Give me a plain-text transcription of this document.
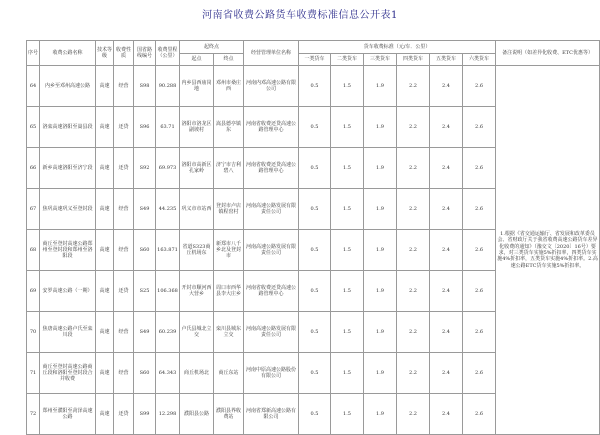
河南省收费公路货车收费标准信息公开表1
序号	收费公路名称	技术等级	收费性质	国省路线编号	收费里程（公里）	起终点		经营管理单位名称	货车收费标准（元/车．公里）						备注说明（如差异化收费、ETC优惠等）
						起点	终点		一类货车	二类货车	三类货车	四类货车	五类货车	六类货车	
64	内乡至邓州高速公路	高速	经营	S98	90.288	内乡县西庙岗地	邓州市桑庄西	河南内邓高速公路有限公司	0.5	1.5	1.9	2.2	2.4	2.6	1.根据《省交通运输厅、省发展和改革委员会、省财政厅关于我省收费高速公路货车差异化收费的通知》（豫交文〔2020〕16号）要求，对三类货车实施5%折扣率，四类货车实施4%折扣率，五类货车实施4%折扣率。2.高速公路ETC货车实施5%折扣率。
65	洛栾高速洛阳至嵩县段	高速	还贷	S96	63.71	洛阳市洛龙区副坡村	嵩县德亭镇东	河南省收费还贷高速公路管理中心	0.5	1.5	1.9	2.2	2.4	2.6	
66	新乡高速洛阳至济宁段	高速	还贷	S92	69.973	洛阳市高新区孔家岭	济宁市吉利碧八	河南省收费还贷高速公路管理中心	0.5	1.5	1.9	2.2	2.4	2.6	
67	焦巩高速巩义至登封段	高速	经营	S49	44.235	巩义市市站西	登封市卢店镇程窑村	河南高速公路发展有限责任公司	0.5	1.5	1.9	2.2	2.4	2.6	
68	商丘至登封高速公路郑州至登封段和郑州至洛阳段	高速	经营	S60	163.871	省道S323商丘机场东	新郑市八千乡北及登封市	河南高速公路发展有限责任公司	0.5	1.5	1.9	2.2	2.4	2.6	
69	安罗高速公路（一期）	高速	还贷	S25	106.368	开封市顺河西大营乡	周口市西华县李大庄乡	河南省收费还贷高速公路管理中心	0.5	1.5	1.9	2.2	2.4	2.6	
70	焦唐高速公路卢氏至栾川段	高速	经营	S49	60.239	卢氏县城北立交	栾川县城东立交	河南高速公路发展有限责任公司	0.5	1.5	1.9	2.2	2.4	2.6	
71	商丘至登封高速公路商丘段和洛阳至登封段合并收费	高速	经营	S60	64.343	商丘机场北	商丘东站	河南中原高速公路股份有限公司	0.5	1.5	1.9	2.2	2.4	2.6	
72	郑州至濮阳至菏泽高速公路	高速	还贷	S99	12.298	濮阳县公路	濮阳县界收费站	河南省郑新高速公路有限公司	0.5	1.5	1.9	2.2	2.4	2.6	
